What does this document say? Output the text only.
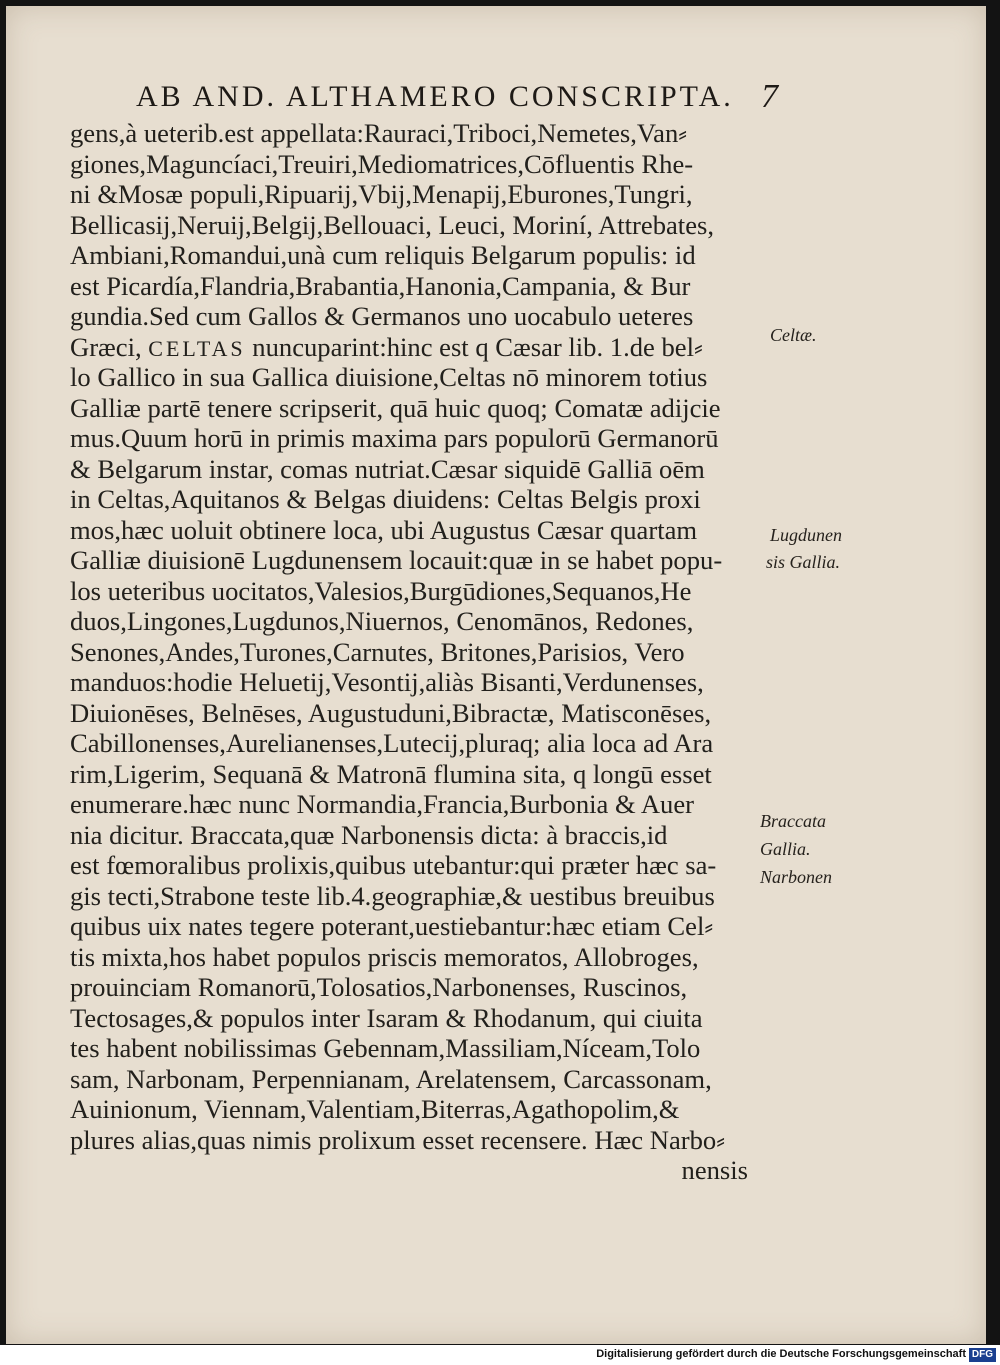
AB AND. ALTHAMERO CONSCRIPTA. 7
gens,à ueterib.est appellata:Rauraci,Triboci,Nemetes,Van⸗
giones,Maguncíaci,Treuiri,Mediomatrices,Cōfluentis Rhe-
ni &Mosæ populi,Ripuarij,Vbij,Menapij,Eburones,Tungri,
Bellicasij,Neruij,Belgij,Bellouaci, Leuci, Moriní, Attrebates,
Ambiani,Romandui,unà cum reliquis Belgarum populis: id
est Picardía,Flandria,Brabantia,Hanonia,Campania, & Bur
gundia.Sed cum Gallos & Germanos uno uocabulo ueteres
Græci, CELTAS nuncuparint:hinc est q Cæsar lib. 1.de bel⸗
lo Gallico in sua Gallica diuisione,Celtas nō minorem totius
Galliæ partē tenere scripserit, quā huic quoq; Comatæ adijcie
mus.Quum horū in primis maxima pars populorū Germanorū
& Belgarum instar, comas nutriat.Cæsar siquidē Galliā oēm
in Celtas,Aquitanos & Belgas diuidens: Celtas Belgis proxi
mos,hæc uoluit obtinere loca, ubi Augustus Cæsar quartam
Galliæ diuisionē Lugdunensem locauit:quæ in se habet popu-
los ueteribus uocitatos,Valesios,Burgūdiones,Sequanos,He
duos,Lingones,Lugdunos,Niuernos, Cenomānos, Redones,
Senones,Andes,Turones,Carnutes, Britones,Parisios, Vero
manduos:hodie Heluetij,Vesontij,aliàs Bisanti,Verdunenses,
Diuionēses, Belnēses, Augustuduni,Bibractæ, Matisconēses,
Cabillonenses,Aurelianenses,Lutecij,pluraq; alia loca ad Ara
rim,Ligerim, Sequanā & Matronā flumina sita, q longū esset
enumerare.hæc nunc Normandia,Francia,Burbonia & Auer
nia dicitur. Braccata,quæ Narbonensis dicta: à braccis,id
est fœmoralibus prolixis,quibus utebantur:qui præter hæc sa-
gis tecti,Strabone teste lib.4.geographiæ,& uestibus breuibus
quibus uix nates tegere poterant,uestiebantur:hæc etiam Cel⸗
tis mixta,hos habet populos priscis memoratos, Allobroges,
prouinciam Romanorū,Tolosatios,Narbonenses, Ruscinos,
Tectosages,& populos inter Isaram & Rhodanum, qui ciuita
tes habent nobilissimas Gebennam,Massiliam,Níceam,Tolo
sam, Narbonam, Perpennianam, Arelatensem, Carcassonam,
Auinionum, Viennam,Valentiam,Biterras,Agathopolim,&
plures alias,quas nimis prolixum esset recensere. Hæc Narbo⸗
nensis
Celtæ.
Lugdunen
sis Gallia.
Braccata
Gallia.
Narbonen
Digitalisierung gefördert durch die Deutsche Forschungsgemeinschaft DFG
